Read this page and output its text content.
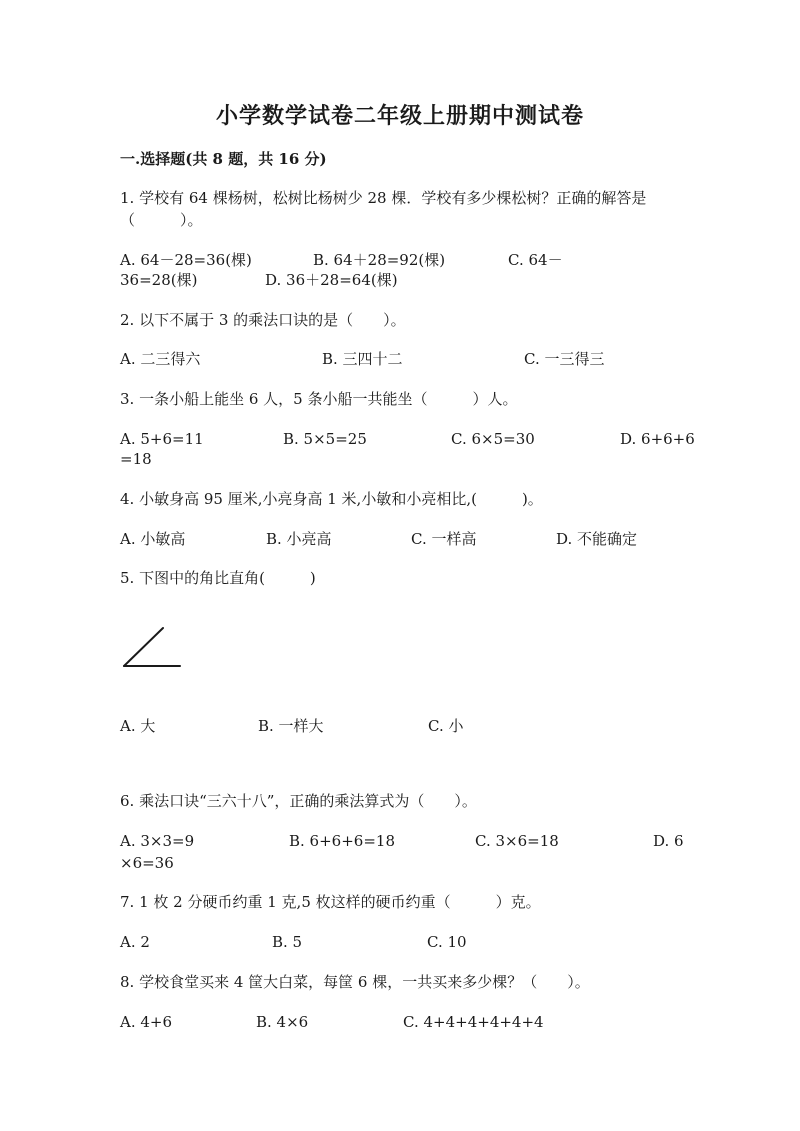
小学数学试卷二年级上册期中测试卷
一.选择题(共 8 题，共 16 分)
1. 学校有 64 棵杨树，松树比杨树少 28 棵．学校有多少棵松树？正确的解答是
（　　　）。
A. 64－28=36(棵)	B. 64＋28=92(棵)	C. 64－
36=28(棵)	D. 36＋28=64(棵)
2. 以下不属于 3 的乘法口诀的是（　　）。
A. 二三得六	B. 三四十二	C. 一三得三
3. 一条小船上能坐 6 人，5 条小船一共能坐（　　　）人。
A. 5+6=11	B. 5×5=25	C. 6×5=30	D. 6+6+6
=18
4. 小敏身高 95 厘米,小亮身高 1 米,小敏和小亮相比,(　　　)。
A. 小敏高	B. 小亮高	C. 一样高	D. 不能确定
5. 下图中的角比直角(　　　)
A. 大	B. 一样大	C. 小
6. 乘法口诀“三六十八”，正确的乘法算式为（　　）。
A. 3×3=9	B. 6+6+6=18	C. 3×6=18	D. 6
×6=36
7. 1 枚 2 分硬币约重 1 克,5 枚这样的硬币约重（　　　）克。
A. 2	B. 5	C. 10
8. 学校食堂买来 4 筐大白菜，每筐 6 棵，一共买来多少棵？（　　）。
A. 4+6	B. 4×6	C. 4+4+4+4+4+4
